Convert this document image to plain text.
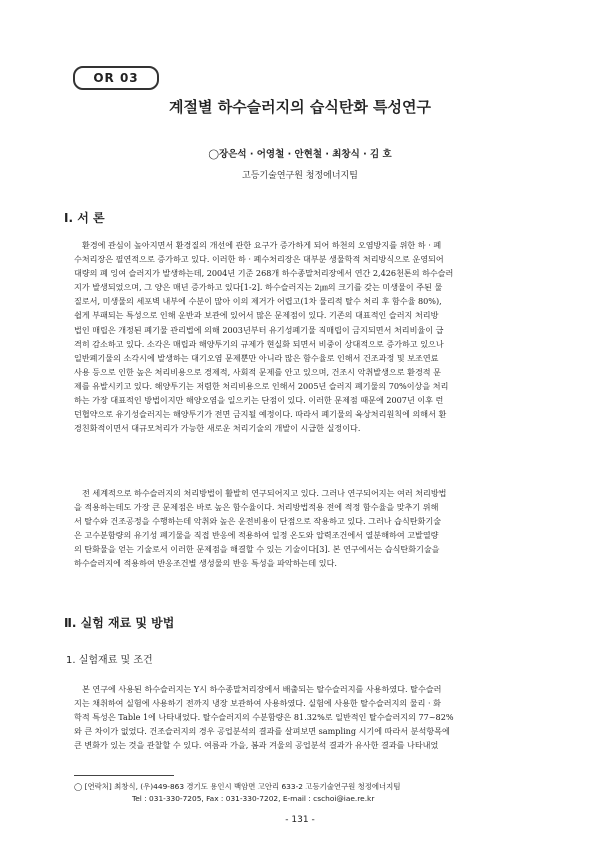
OR 03
계절별 하수슬러지의 습식탄화 특성연구
◯장은석 · 어영철 · 안현철 · 최창식 · 김 호
고등기술연구원 청정에너지팀
Ⅰ. 서 론
환경에 관심이 높아지면서 환경질의 개선에 관한 요구가 증가하게 되어 하천의 오염방지를 위한 하 · 폐
수처리장은 필연적으로 증가하고 있다. 이러한 하 · 폐수처리장은 대부분 생물학적 처리방식으로 운영되어
대량의 폐 잉여 슬러지가 발생하는데, 2004년 기준 268개 하수종말처리장에서 연간 2,426천톤의 하수슬러
지가 발생되었으며, 그 양은 매년 증가하고 있다[1-2]. 하수슬러지는 2㎛의 크기를 갖는 미생물이 주된 물
질로서, 미생물의 세포벽 내부에 수분이 많아 이의 제거가 어렵고(1차 물리적 탈수 처리 후 함수율 80%),
쉽게 부패되는 특성으로 인해 운반과 보관에 있어서 많은 문제점이 있다. 기존의 대표적인 슬러지 처리방
법인 매립은 개정된 폐기물 관리법에 의해 2003년부터 유기성폐기물 직매립이 금지되면서 처리비율이 급
격히 감소하고 있다. 소각은 매립과 해양투기의 규제가 현실화 되면서 비중이 상대적으로 증가하고 있으나
일반폐기물의 소각시에 발생하는 대기오염 문제뿐만 아니라 많은 함수율로 인해서 건조과정 및 보조연료
사용 등으로 인한 높은 처리비용으로 경제적, 사회적 문제를 안고 있으며, 건조시 악취발생으로 환경적 문
제를 유발시키고 있다. 해양투기는 저렴한 처리비용으로 인해서 2005년 슬러지 폐기물의 70%이상을 처리
하는 가장 대표적인 방법이지만 해양오염을 일으키는 단점이 있다. 이러한 문제점 때문에 2007년 이후 런
던협약으로 유기성슬러지는 해양투기가 전면 금지될 예정이다. 따라서 폐기물의 육상처리원칙에 의해서 환
경친화적이면서 대규모처리가 가능한 새로운 처리기술의 개발이 시급한 실정이다.
전 세계적으로 하수슬러지의 처리방법이 활발히 연구되어지고 있다. 그러나 연구되어지는 여러 처리방법
을 적용하는데도 가장 큰 문제점은 바로 높은 함수율이다. 처리방법적용 전에 적정 함수율을 맞추기 위해
서 탈수와 건조공정을 수행하는데 악취와 높은 운전비용이 단점으로 작용하고 있다. 그러나 습식탄화기술
은 고수분함량의 유기성 폐기물을 직접 반응에 적용하여 일정 온도와 압력조건에서 열분해하여 고발열량
의 탄화물을 얻는 기술로서 이러한 문제점을 해결할 수 있는 기술이다[3]. 본 연구에서는 습식탄화기술을
하수슬러지에 적용하여 반응조건별 생성물의 반응 특성을 파악하는데 있다.
Ⅱ. 실험 재료 및 방법
1. 실험재료 및 조건
본 연구에 사용된 하수슬러지는 Y시 하수종말처리장에서 배출되는 탈수슬러지를 사용하였다. 탈수슬러
지는 채취하여 실험에 사용하기 전까지 냉장 보관하여 사용하였다. 실험에 사용한 탈수슬러지의 물리 · 화
학적 특성은 Table 1에 나타내었다. 탈수슬러지의 수분함량은 81.32%로 일반적인 탈수슬러지의 77~82%
와 큰 차이가 없었다. 건조슬러지의 경우 공업분석의 결과를 살펴보면 sampling 시기에 따라서 분석항목에
큰 변화가 있는 것을 관찰할 수 있다. 여름과 가을, 봄과 겨울의 공업분석 결과가 유사한 결과를 나타내었
◯ [연락처] 최창식, (우)449-863 경기도 용인시 백암면 고안리 633-2 고등기술연구원 청정에너지팀
Tel : 031-330-7205, Fax : 031-330-7202, E-mail : cschoi@iae.re.kr
- 131 -
